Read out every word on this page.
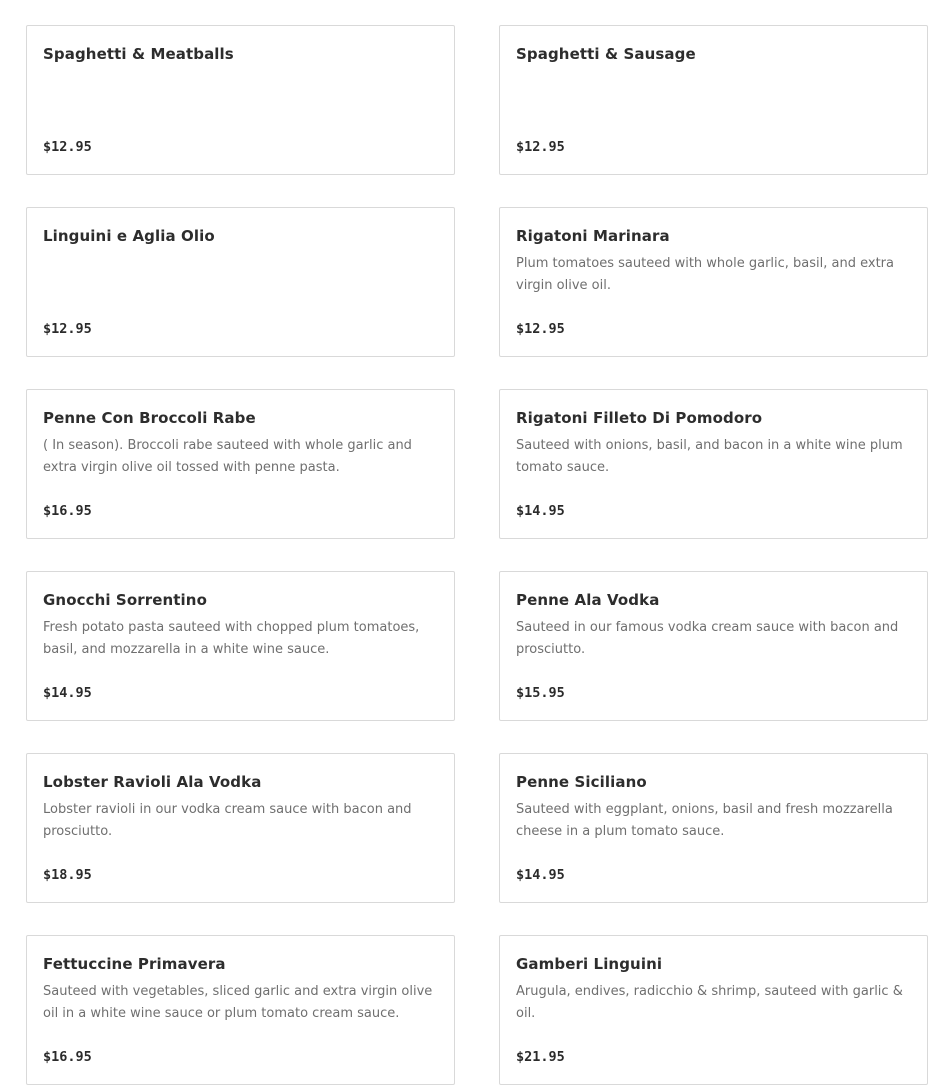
Spaghetti & Meatballs
$12.95
Spaghetti & Sausage
$12.95
Linguini e Aglia Olio
$12.95
Rigatoni Marinara
Plum tomatoes sauteed with whole garlic, basil, and extra virgin olive oil.
$12.95
Penne Con Broccoli Rabe
( In season). Broccoli rabe sauteed with whole garlic and extra virgin olive oil tossed with penne pasta.
$16.95
Rigatoni Filleto Di Pomodoro
Sauteed with onions, basil, and bacon in a white wine plum tomato sauce.
$14.95
Gnocchi Sorrentino
Fresh potato pasta sauteed with chopped plum tomatoes, basil, and mozzarella in a white wine sauce.
$14.95
Penne Ala Vodka
Sauteed in our famous vodka cream sauce with bacon and prosciutto.
$15.95
Lobster Ravioli Ala Vodka
Lobster ravioli in our vodka cream sauce with bacon and prosciutto.
$18.95
Penne Siciliano
Sauteed with eggplant, onions, basil and fresh mozzarella cheese in a plum tomato sauce.
$14.95
Fettuccine Primavera
Sauteed with vegetables, sliced garlic and extra virgin olive oil in a white wine sauce or plum tomato cream sauce.
$16.95
Gamberi Linguini
Arugula, endives, radicchio & shrimp, sauteed with garlic & oil.
$21.95
